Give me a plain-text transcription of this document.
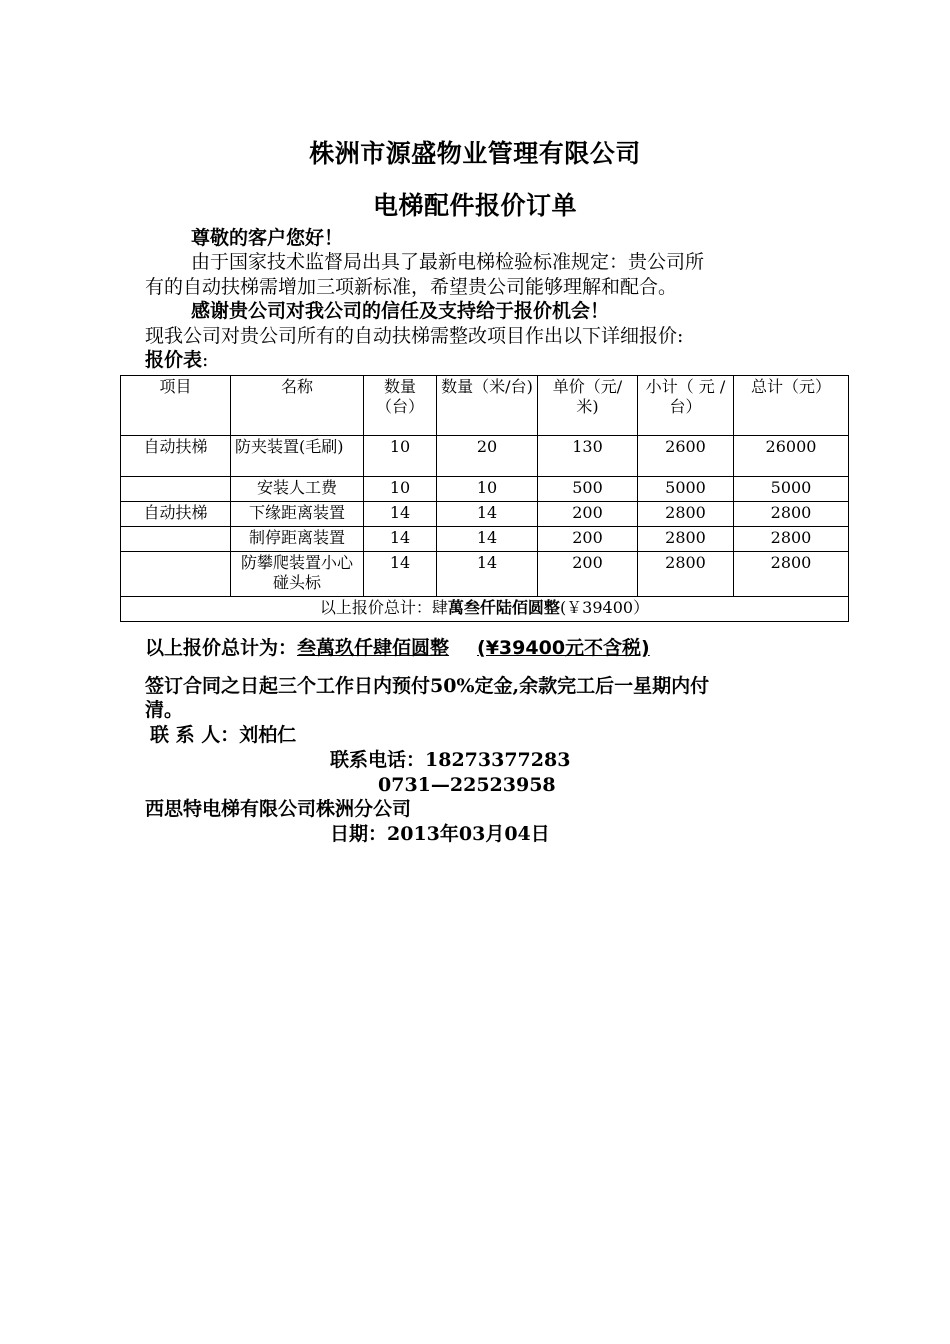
株洲市源盛物业管理有限公司
电梯配件报价订单
尊敬的客户您好！
由于国家技术监督局出具了最新电梯检验标准规定：贵公司所
有的自动扶梯需增加三项新标准，希望贵公司能够理解和配合。
感谢贵公司对我公司的信任及支持给于报价机会！
现我公司对贵公司所有的自动扶梯需整改项目作出以下详细报价:
报价表:
项目	名称	数量（台）	数量（米/台)	单价（元/米)	小计（ 元 /台）	总计（元）
自动扶梯	防夹装置(毛刷)	10	20	130	2600	26000
	安装人工费	10	10	500	5000	5000
自动扶梯	下缘距离装置	14	14	200	2800	2800
	制停距离装置	14	14	200	2800	2800
	防攀爬装置小心碰头标	14	14	200	2800	2800
以上报价总计：肆萬叁仟陆佰圆整(￥39400）						
以上报价总计为：叁萬玖仟肆佰圆整 (¥39400元不含税)
签订合同之日起三个工作日内预付50%定金,余款完工后一星期内付
清。
联 系 人：刘柏仁
联系电话：18273377283
0731—22523958
西思特电梯有限公司株洲分公司
日期：2013年03月04日
